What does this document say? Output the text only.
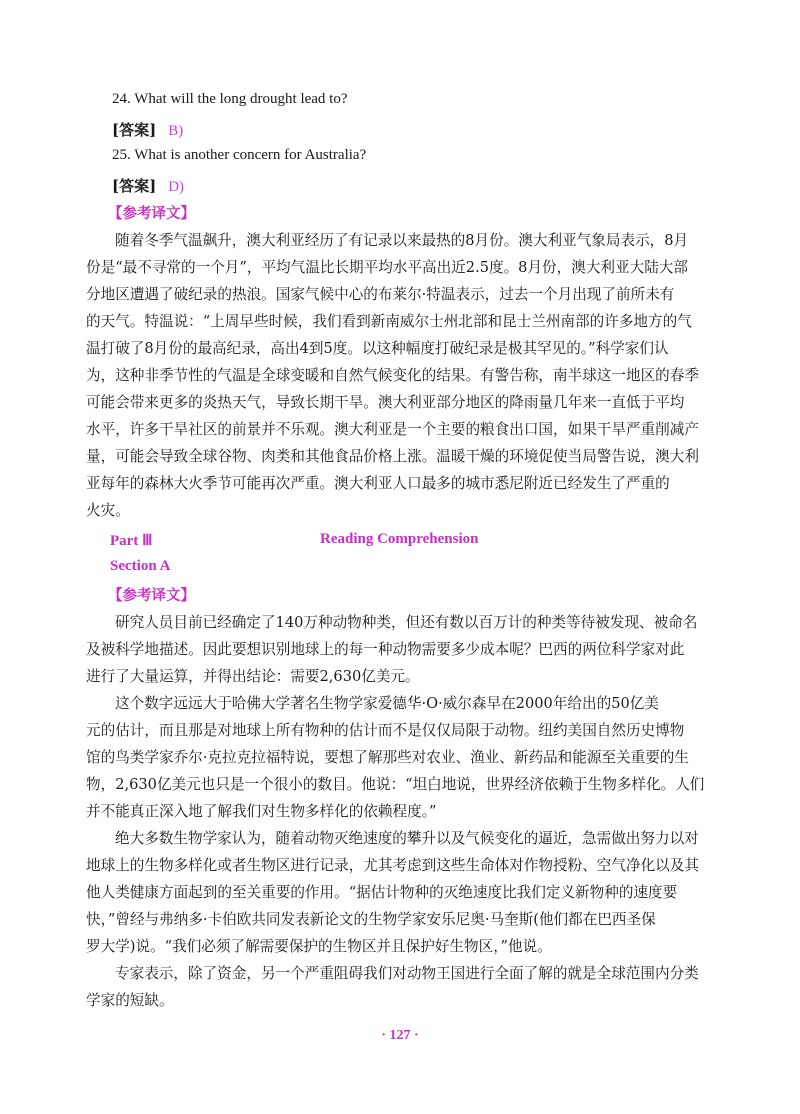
24. What will the long drought lead to?
[答案] B)
25. What is another concern for Australia?
[答案] D)
【参考译文】
随着冬季气温飙升，澳大利亚经历了有记录以来最热的8月份。澳大利亚气象局表示，8月
份是“最不寻常的一个月”，平均气温比长期平均水平高出近2.5度。8月份，澳大利亚大陆大部
分地区遭遇了破纪录的热浪。国家气候中心的布莱尔·特温表示，过去一个月出现了前所未有
的天气。特温说：“上周早些时候，我们看到新南威尔士州北部和昆士兰州南部的许多地方的气
温打破了8月份的最高纪录，高出4到5度。以这种幅度打破纪录是极其罕见的。”科学家们认
为，这种非季节性的气温是全球变暖和自然气候变化的结果。有警告称，南半球这一地区的春季
可能会带来更多的炎热天气，导致长期干旱。澳大利亚部分地区的降雨量几年来一直低于平均
水平，许多干旱社区的前景并不乐观。澳大利亚是一个主要的粮食出口国，如果干旱严重削减产
量，可能会导致全球谷物、肉类和其他食品价格上涨。温暖干燥的环境促使当局警告说，澳大利
亚每年的森林大火季节可能再次严重。澳大利亚人口最多的城市悉尼附近已经发生了严重的
火灾。
Part Ⅲ	Reading Comprehension
Section A
【参考译文】
研究人员目前已经确定了140万种动物种类，但还有数以百万计的种类等待被发现、被命名
及被科学地描述。因此要想识别地球上的每一种动物需要多少成本呢？巴西的两位科学家对此
进行了大量运算，并得出结论：需要2,630亿美元。
这个数字远远大于哈佛大学著名生物学家爱德华·O·威尔森早在2000年给出的50亿美
元的估计，而且那是对地球上所有物种的估计而不是仅仅局限于动物。纽约美国自然历史博物
馆的鸟类学家乔尔·克拉克拉福特说，要想了解那些对农业、渔业、新药品和能源至关重要的生
物，2,630亿美元也只是一个很小的数目。他说：“坦白地说，世界经济依赖于生物多样化。人们
并不能真正深入地了解我们对生物多样化的依赖程度。”
绝大多数生物学家认为，随着动物灭绝速度的攀升以及气候变化的逼近，急需做出努力以对
地球上的生物多样化或者生物区进行记录，尤其考虑到这些生命体对作物授粉、空气净化以及其
他人类健康方面起到的至关重要的作用。“据估计物种的灭绝速度比我们定义新物种的速度要
快，”曾经与弗纳多·卡伯欧共同发表新论文的生物学家安乐尼奥·马奎斯(他们都在巴西圣保
罗大学)说。“我们必须了解需要保护的生物区并且保护好生物区，”他说。
专家表示，除了资金，另一个严重阻碍我们对动物王国进行全面了解的就是全球范围内分类
学家的短缺。
· 127 ·
